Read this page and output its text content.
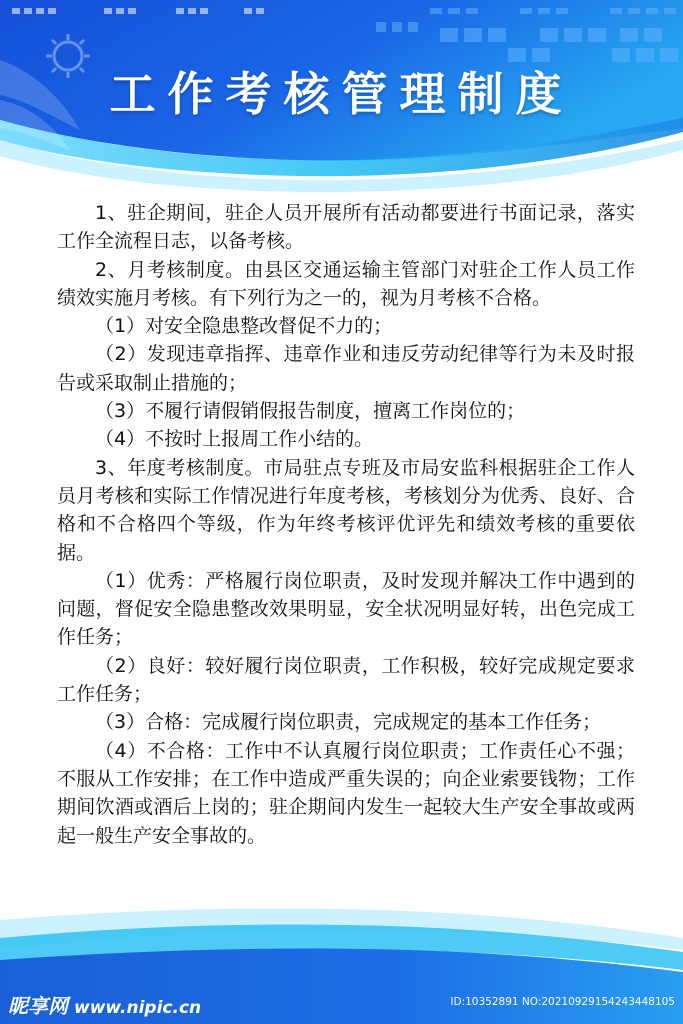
工作考核管理制度

1、驻企期间，驻企人员开展所有活动都要进行书面记录，落实工作全流程日志，以备考核。

2、月考核制度。由县区交通运输主管部门对驻企工作人员工作绩效实施月考核。有下列行为之一的，视为月考核不合格。

（1）对安全隐患整改督促不力的；

（2）发现违章指挥、违章作业和违反劳动纪律等行为未及时报告或采取制止措施的；

（3）不履行请假销假报告制度，擅离工作岗位的；

（4）不按时上报周工作小结的。

3、年度考核制度。市局驻点专班及市局安监科根据驻企工作人员月考核和实际工作情况进行年度考核，考核划分为优秀、良好、合格和不合格四个等级，作为年终考核评优评先和绩效考核的重要依据。

（1）优秀：严格履行岗位职责，及时发现并解决工作中遇到的问题，督促安全隐患整改效果明显，安全状况明显好转，出色完成工作任务；

（2）良好：较好履行岗位职责，工作积极，较好完成规定要求工作任务；

（3）合格：完成履行岗位职责，完成规定的基本工作任务；

（4）不合格：工作中不认真履行岗位职责；工作责任心不强；不服从工作安排；在工作中造成严重失误的；向企业索要钱物；工作期间饮酒或酒后上岗的；驻企期间内发生一起较大生产安全事故或两起一般生产安全事故的。

昵享网 www.nipic.cn	ID:10352891 NO:20210929154243448105
